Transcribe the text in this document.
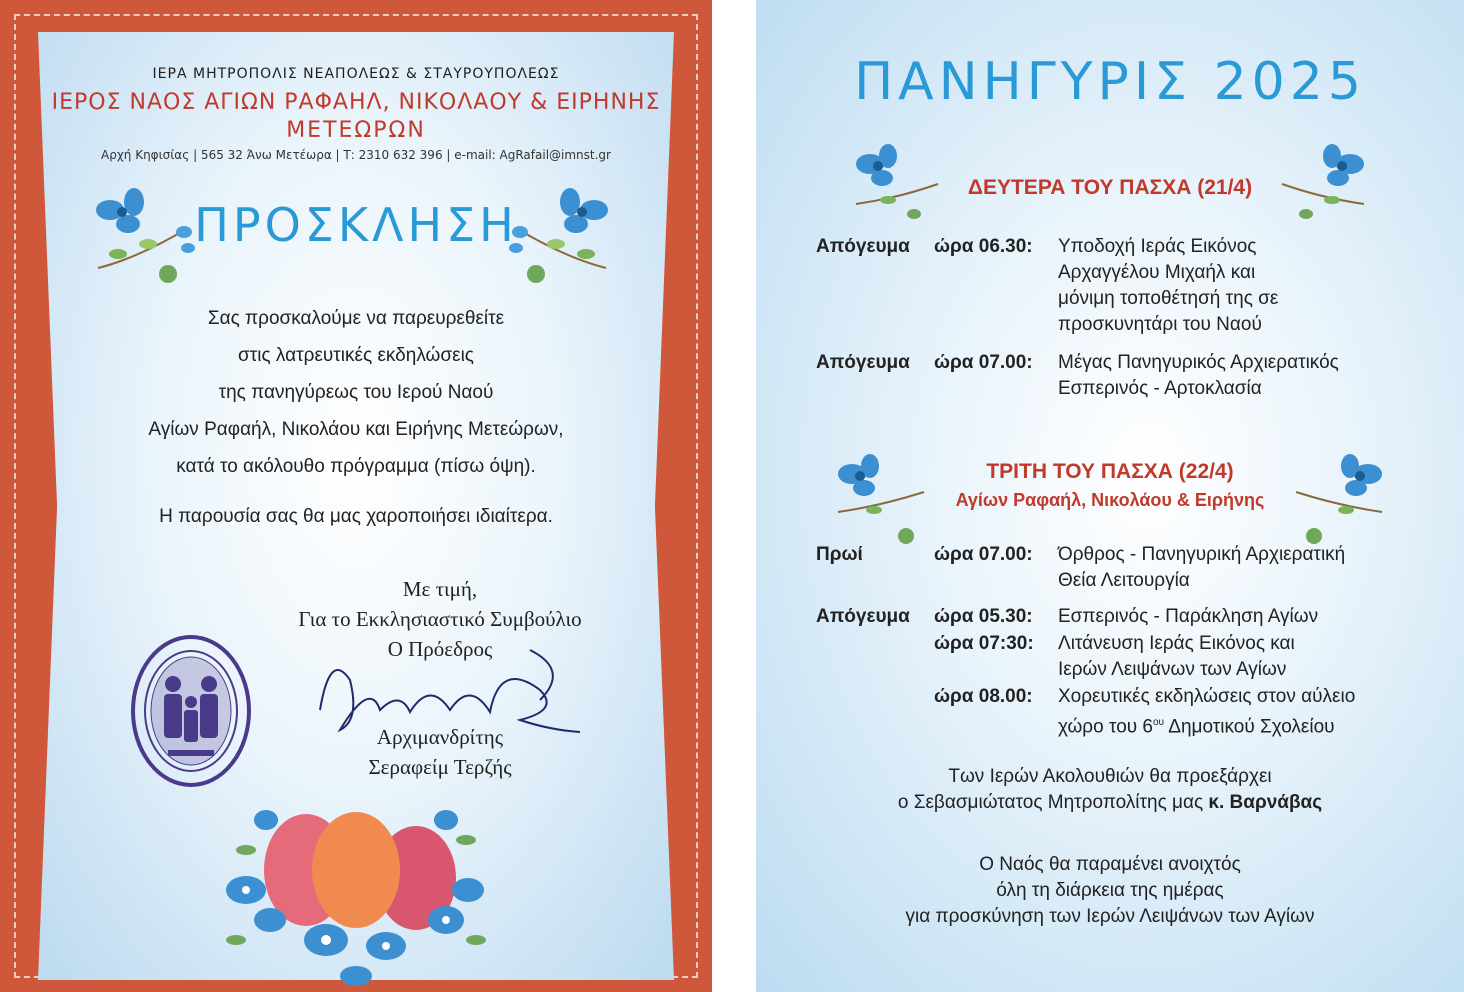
ΙΕΡΑ ΜΗΤΡΟΠΟΛΙΣ ΝΕΑΠΟΛΕΩΣ & ΣΤΑΥΡΟΥΠΟΛΕΩΣ
ΙΕΡΟΣ ΝΑΟΣ ΑΓΙΩΝ ΡΑΦΑΗΛ, ΝΙΚΟΛΑΟΥ & ΕΙΡΗΝΗΣ
ΜΕΤΕΩΡΩΝ
Αρχή Κηφισίας | 565 32 Άνω Μετέωρα | Τ: 2310 632 396 | e-mail: AgRafail@imnst.gr
ΠΡΟΣΚΛΗΣΗ
Σας προσκαλούμε να παρευρεθείτε
στις λατρευτικές εκδηλώσεις
της πανηγύρεως του Ιερού Ναού
Αγίων Ραφαήλ, Νικολάου και Ειρήνης Μετεώρων,
κατά το ακόλουθο πρόγραμμα (πίσω όψη).
Η παρουσία σας θα μας χαροποιήσει ιδιαίτερα.
Με τιμή,
Για το Εκκλησιαστικό Συμβούλιο
Ο Πρόεδρος
Αρχιμανδρίτης
Σεραφείμ Τερζής
ΠΑΝΗΓΥΡΙΣ 2025
ΔΕΥΤΕΡΑ ΤΟΥ ΠΑΣΧΑ (21/4)
Απόγευμα ώρα 06.30: Υποδοχή Ιεράς Εικόνος
Αρχαγγέλου Μιχαήλ και
μόνιμη τοποθέτησή της σε
προσκυνητάρι του Ναού
Απόγευμα ώρα 07.00: Μέγας Πανηγυρικός Αρχιερατικός
Εσπερινός - Αρτοκλασία
ΤΡΙΤΗ ΤΟΥ ΠΑΣΧΑ (22/4)
Αγίων Ραφαήλ, Νικολάου & Ειρήνης
Πρωί	ώρα 07.00: Όρθρος - Πανηγυρική Αρχιερατική
Θεία Λειτουργία
Απόγευμα ώρα 05.30: Εσπερινός - Παράκληση Αγίων
ώρα 07:30: Λιτάνευση Ιεράς Εικόνος και
Ιερών Λειψάνων των Αγίων
ώρα 08.00: Χορευτικές εκδηλώσεις στον αύλειο
χώρο του $6^{o\upsilon}$ Δημοτικού Σχολείου
Των Ιερών Ακολουθιών θα προεξάρχει
ο Σεβασμιώτατος Μητροπολίτης μας κ. Βαρνάβας
Ο Ναός θα παραμένει ανοιχτός
όλη τη διάρκεια της ημέρας
για προσκύνηση των Ιερών Λειψάνων των Αγίων
